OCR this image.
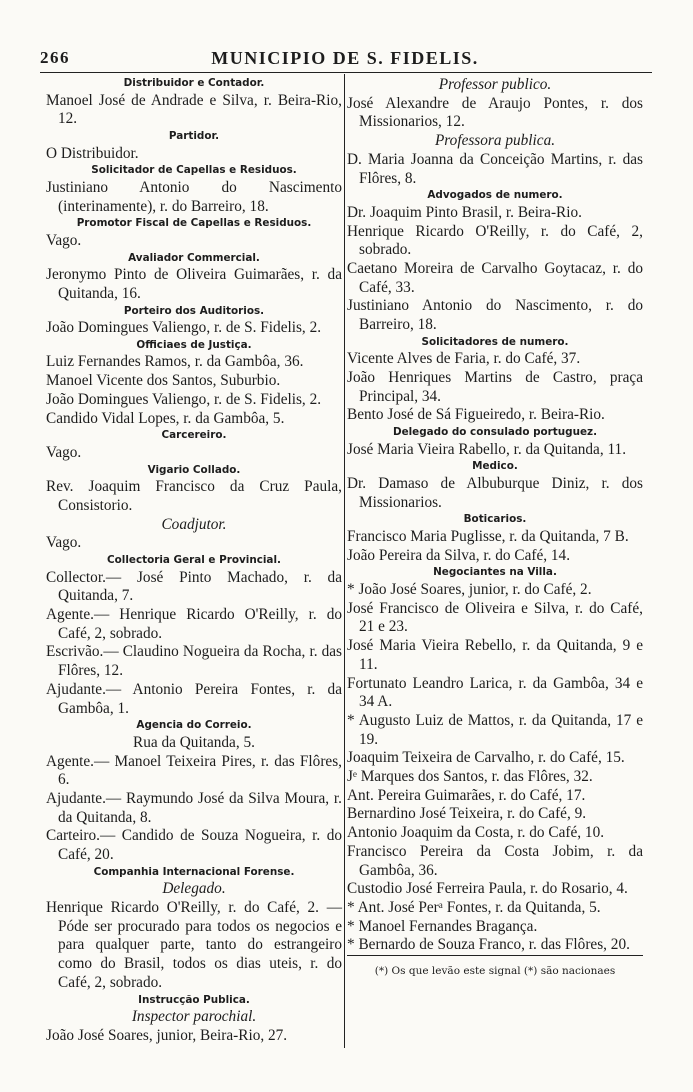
266	MUNICIPIO DE S. FIDELIS.
Distribuidor e Contador.
Manoel José de Andrade e Silva, r. Beira-Rio, 12.
Partidor.
O Distribuidor.
Solicitador de Capellas e Residuos.
Justiniano Antonio do Nascimento (interinamente), r. do Barreiro, 18.
Promotor Fiscal de Capellas e Residuos.
Vago.
Avaliador Commercial.
Jeronymo Pinto de Oliveira Guimarães, r. da Quitanda, 16.
Porteiro dos Auditorios.
João Domingues Valiengo, r. de S. Fidelis, 2.
Officiaes de Justiça.
Luiz Fernandes Ramos, r. da Gambôa, 36.
Manoel Vicente dos Santos, Suburbio.
João Domingues Valiengo, r. de S. Fidelis, 2.
Candido Vidal Lopes, r. da Gambôa, 5.
Carcereiro.
Vago.
Vigario Collado.
Rev. Joaquim Francisco da Cruz Paula, Consistorio.
Coadjutor.
Vago.
Collectoria Geral e Provincial.
Collector.— José Pinto Machado, r. da Quitanda, 7.
Agente.— Henrique Ricardo O'Reilly, r. do Café, 2, sobrado.
Escrivão.— Claudino Nogueira da Rocha, r. das Flôres, 12.
Ajudante.— Antonio Pereira Fontes, r. da Gambôa, 1.
Agencia do Correio.
Rua da Quitanda, 5.
Agente.— Manoel Teixeira Pires, r. das Flôres, 6.
Ajudante.— Raymundo José da Silva Moura, r. da Quitanda, 8.
Carteiro.— Candido de Souza Nogueira, r. do Café, 20.
Companhia Internacional Forense.
Delegado.
Henrique Ricardo O'Reilly, r. do Café, 2. —Póde ser procurado para todos os negocios e para qualquer parte, tanto do estrangeiro como do Brasil, todos os dias uteis, r. do Café, 2, sobrado.
Instrucção Publica.
Inspector parochial.
João José Soares, junior, Beira-Rio, 27.
Professor publico.
José Alexandre de Araujo Pontes, r. dos Missionarios, 12.
Professora publica.
D. Maria Joanna da Conceição Martins, r. das Flôres, 8.
Advogados de numero.
Dr. Joaquim Pinto Brasil, r. Beira-Rio.
Henrique Ricardo O'Reilly, r. do Café, 2, sobrado.
Caetano Moreira de Carvalho Goytacaz, r. do Café, 33.
Justiniano Antonio do Nascimento, r. do Barreiro, 18.
Solicitadores de numero.
Vicente Alves de Faria, r. do Café, 37.
João Henriques Martins de Castro, praça Principal, 34.
Bento José de Sá Figueiredo, r. Beira-Rio.
Delegado do consulado portuguez.
José Maria Vieira Rabello, r. da Quitanda, 11.
Medico.
Dr. Damaso de Albuburque Diniz, r. dos Missionarios.
Boticarios.
Francisco Maria Puglisse, r. da Quitanda, 7 B.
João Pereira da Silva, r. do Café, 14.
Negociantes na Villa.
* João José Soares, junior, r. do Café, 2.
José Francisco de Oliveira e Silva, r. do Café, 21 e 23.
José Maria Vieira Rebello, r. da Quitanda, 9 e 11.
Fortunato Leandro Larica, r. da Gambôa, 34 e 34 A.
* Augusto Luiz de Mattos, r. da Quitanda, 17 e 19.
Joaquim Teixeira de Carvalho, r. do Café, 15.
Jᵉ Marques dos Santos, r. das Flôres, 32.
Ant. Pereira Guimarães, r. do Café, 17.
Bernardino José Teixeira, r. do Café, 9.
Antonio Joaquim da Costa, r. do Café, 10.
Francisco Pereira da Costa Jobim, r. da Gambôa, 36.
Custodio José Ferreira Paula, r. do Rosario, 4.
* Ant. José Perᵃ Fontes, r. da Quitanda, 5.
* Manoel Fernandes Bragança.
* Bernardo de Souza Franco, r. das Flôres, 20.
(*) Os que levão este signal (*) são nacionaes
